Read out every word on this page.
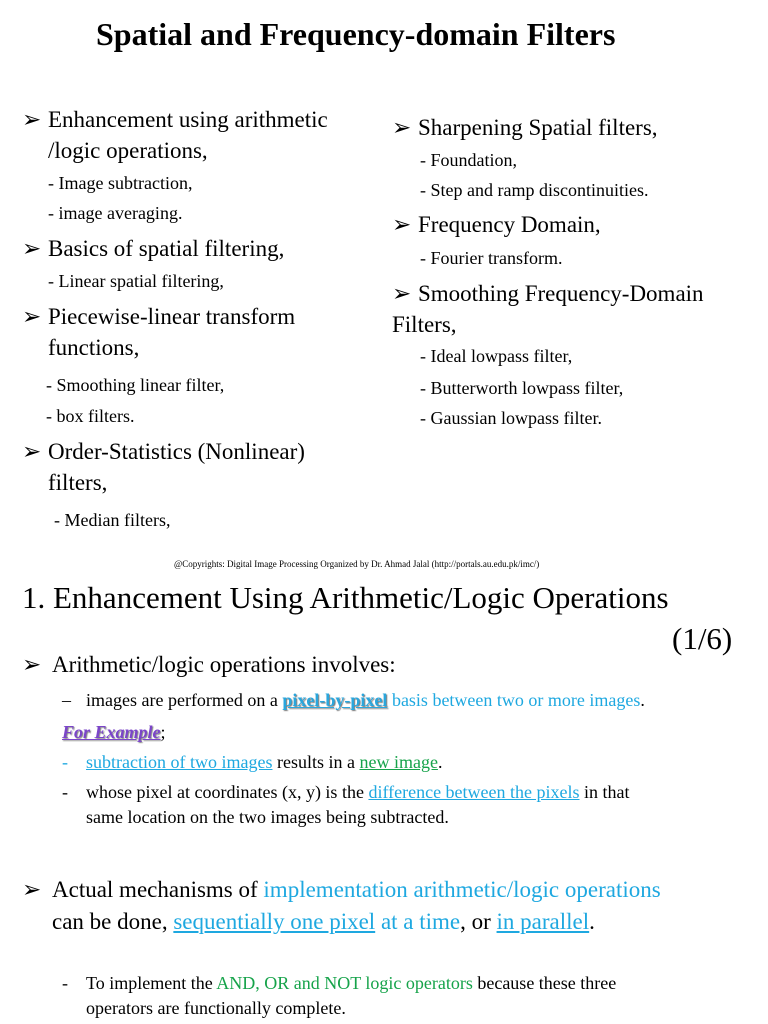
Spatial and Frequency-domain Filters
➢ Enhancement using arithmetic
/logic operations,
- Image subtraction,
- image averaging.
➢ Basics of spatial filtering,
- Linear spatial filtering,
➢ Piecewise-linear transform
functions,
- Smoothing linear filter,
- box filters.
➢ Order-Statistics (Nonlinear)
filters,
- Median filters,
➢ Sharpening Spatial filters,
- Foundation,
- Step and ramp discontinuities.
➢ Frequency Domain,
- Fourier transform.
➢ Smoothing Frequency-Domain
Filters,
- Ideal lowpass filter,
- Butterworth lowpass filter,
- Gaussian lowpass filter.
@Copyrights: Digital Image Processing Organized by Dr. Ahmad Jalal (http://portals.au.edu.pk/imc/)
1. Enhancement Using Arithmetic/Logic Operations
(1/6)
➢ Arithmetic/logic operations involves:
– images are performed on a pixel-by-pixel basis between two or more images.
For Example;
- subtraction of two images results in a new image.
- whose pixel at coordinates (x, y) is the difference between the pixels in that
same location on the two images being subtracted.
➢ Actual mechanisms of implementation arithmetic/logic operations
can be done, sequentially one pixel at a time, or in parallel.
- To implement the AND, OR and NOT logic operators because these three
operators are functionally complete.
